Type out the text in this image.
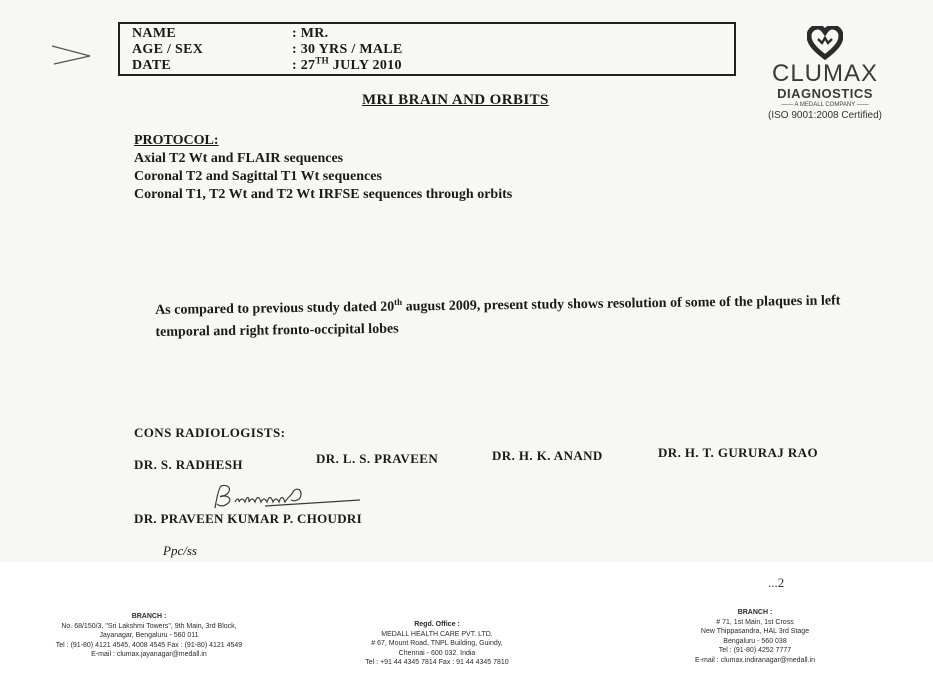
NAME	: MR.
AGE / SEX	: 30 YRS / MALE
DATE	: 27TH JULY 2010	CLUMAX
DIAGNOSTICS
—— A MEDALL COMPANY ——
(ISO 9001:2008 Certified)
MRI BRAIN AND ORBITS
PROTOCOL:
Axial T2 Wt and FLAIR sequences
Coronal T2 and Sagittal T1 Wt sequences
Coronal T1, T2 Wt and T2 Wt IRFSE sequences through orbits
As compared to previous study dated 20th august 2009, present study shows resolution of some of the plaques in left temporal and right fronto-occipital lobes
CONS RADIOLOGISTS:
DR. S. RADHESH	DR. L. S. PRAVEEN	DR. H. K. ANAND	DR. H. T. GURURAJ RAO
DR. PRAVEEN KUMAR P. CHOUDRI
Ppc/ss
...2
BRANCH :
No. 68/150/3, "Sri Lakshmi Towers", 9th Main, 3rd Block,
Jayanagar, Bengaluru - 560 011
Tel : (91-80) 4121 4545, 4008 4545 Fax : (91-80) 4121 4549
E-mail : clumax.jayanagar@medall.in
Regd. Office :
MEDALL HEALTH CARE PVT. LTD.
# 67, Mount Road, TNPL Building, Guindy,
Chennai - 600 032. India
Tel : +91 44 4345 7814 Fax : 91 44 4345 7810
BRANCH :
# 71, 1st Main, 1st Cross
New Thippasandra, HAL 3rd Stage
Bengaluru - 560 038
Tel : (91-80) 4252 7777
E-mail : clumax.indiranagar@medall.in
